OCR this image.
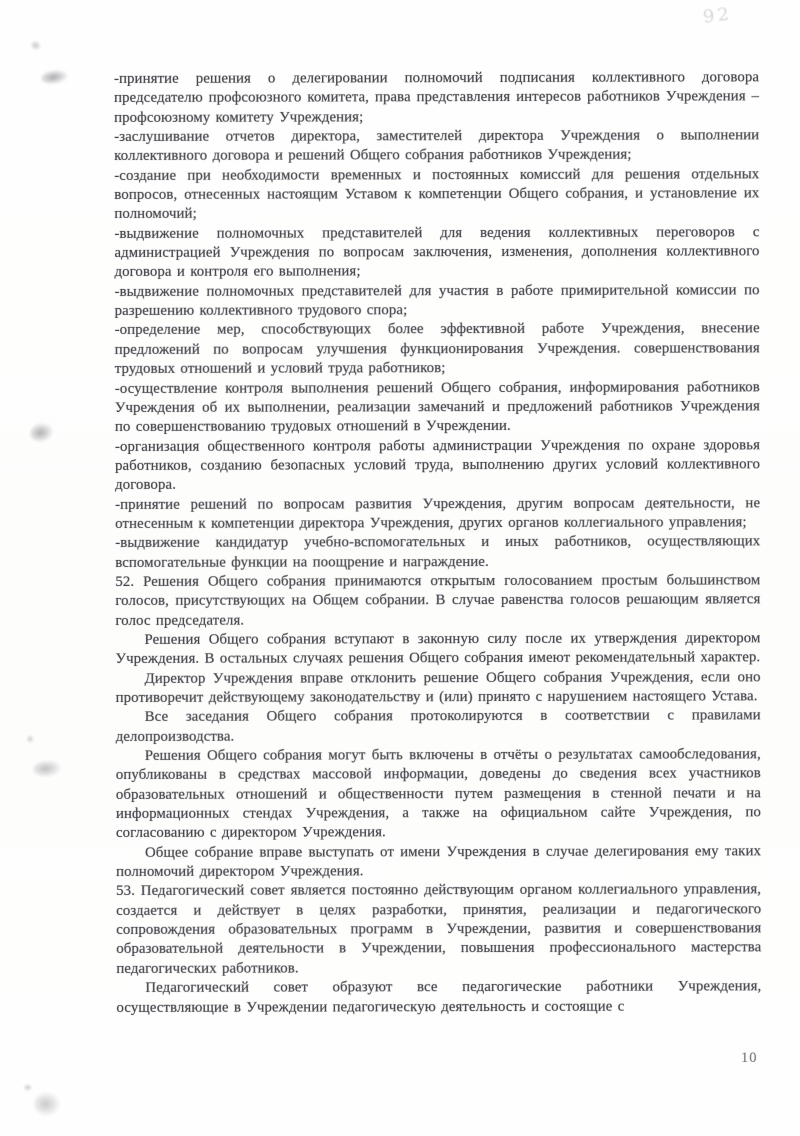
92

-принятие решения о делегировании полномочий подписания коллективного договора председателю профсоюзного комитета, права представления интересов работников Учреждения – профсоюзному комитету Учреждения;

-заслушивание отчетов директора, заместителей директора Учреждения о выполнении коллективного договора и решений Общего собрания работников Учреждения;

-создание при необходимости временных и постоянных комиссий для решения отдельных вопросов, отнесенных настоящим Уставом к компетенции Общего собрания, и установление их полномочий;

-выдвижение полномочных представителей для ведения коллективных переговоров с администрацией Учреждения по вопросам заключения, изменения, дополнения коллективного договора и контроля его выполнения;

-выдвижение полномочных представителей для участия в работе примирительной комиссии по разрешению коллективного трудового спора;

-определение мер, способствующих более эффективной работе Учреждения, внесение предложений по вопросам улучшения функционирования Учреждения. совершенствования трудовых отношений и условий труда работников;

-осуществление контроля выполнения решений Общего собрания, информирования работников Учреждения об их выполнении, реализации замечаний и предложений работников Учреждения по совершенствованию трудовых отношений в Учреждении.

-организация общественного контроля работы администрации Учреждения по охране здоровья работников, созданию безопасных условий труда, выполнению других условий коллективного договора.

-принятие решений по вопросам развития Учреждения, другим вопросам деятельности, не отнесенным к компетенции директора Учреждения, других органов коллегиального управления;

-выдвижение кандидатур учебно-вспомогательных и иных работников, осуществляющих вспомогательные функции на поощрение и награждение.

52. Решения Общего собрания принимаются открытым голосованием простым большинством голосов, присутствующих на Общем собрании. В случае равенства голосов решающим является голос председателя.

Решения Общего собрания вступают в законную силу после их утверждения директором Учреждения. В остальных случаях решения Общего собрания имеют рекомендательный характер.

Директор Учреждения вправе отклонить решение Общего собрания Учреждения, если оно противоречит действующему законодательству и (или) принято с нарушением настоящего Устава.

Все заседания Общего собрания протоколируются в соответствии с правилами делопроизводства.

Решения Общего собрания могут быть включены в отчёты о результатах самообследования, опубликованы в средствах массовой информации, доведены до сведения всех участников образовательных отношений и общественности путем размещения в стенной печати и на информационных стендах Учреждения, а также на официальном сайте Учреждения, по согласованию с директором Учреждения.

Общее собрание вправе выступать от имени Учреждения в случае делегирования ему таких полномочий директором Учреждения.

53. Педагогический совет является постоянно действующим органом коллегиального управления, создается и действует в целях разработки, принятия, реализации и педагогического сопровождения образовательных программ в Учреждении, развития и совершенствования образовательной деятельности в Учреждении, повышения профессионального мастерства педагогических работников.

Педагогический совет образуют все педагогические работники Учреждения, осуществляющие в Учреждении педагогическую деятельность и состоящие с

10
